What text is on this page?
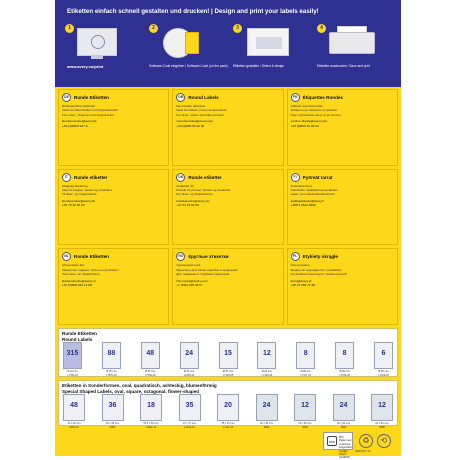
Etiketten einfach schnell gestalten und drucken! | Design and print your labels easily!
1
www.avery.eu/print
2
Software-Code eingeben / Software-Code (on the pack)
3
Etiketten gestalten / Select & design
4
Etiketten ausdrucken / Save and print
DE	Runde Etiketten

Rückstandsfrei ablösbar

Ideal zum Beschriften mit Kugelschreiber

Für Laser-, Kopierer und Inkjetdrucker

kundenservice@avery.de

+49 (0)8103 937-0

GB	Round Labels

Removable adhesive

Ideal for folders, boxes and products

For laser, copier and inkjet printers

consumercare@avery.com

+44 (0)800 80 20 80

FR	Étiquettes Rondes

Adhésif repositionnable

Idéales pour classeurs et produits

Pour imprimantes laser et jet d'encre

service.clients@avery.com

+33 (0)800 10 46 90

IT	Runde etiketter

Aftagelig klæbning

Ideel til mapper, kasser og produkter

Til laser- og inkjetprintere

kundeservice@avery.dk

+45 70 10 30 99

DK	Runde etiketter

Avtakbart lim

Perfekt for permer, bokser og produkter

For laser- og blekkskrivere

kundeservice@avery.no

+47 24 15 94 00

FI	Pyöreät tarrat

Irrotettava liima

Kansioihin, laatikoihin ja tuotteisiin

Laser- ja mustesuihkutulostimiin

asiakaspalvelu@avery.fi

+358 9 2512 0500

NL	Ronde Etiketten

Afneembare lijm

Ideaal voor mappen, dozen en producten

Voor laser- en inkjetprinters

klantenservice@avery.nl

+31 (0)800 022 12 00

RU	Круглые этикетки

Удаляемый клей

Идеально для папок, коробок и продукции

Для лазерных и струйных принтеров

info.russia@avery.com

+7 (495) 228 3474

PL	Etykiety okrągłe

Klej usuwalny

Idealne do segregatorów i produktów

Do drukarek laserowych i atramentowych

biuro@avery.pl

+48 22 669 72 48

Runde Etiketten
Round Labels
315
Ø 10 mm
L7780-25
88
Ø 30 mm
L7670-25
48
Ø 30 mm
L7780-25
24
Ø 40 mm
L6155-25
15
Ø 51 mm
L7104-25
12
Ø 60 mm
L7105-25
8
Ø 85 mm
L7107-25
8
Ø 85 mm
L7108-25
6
Ø 85 mm
L7109-25
Etiketten in Sonderformen, oval, quadratisch, achteckig, blumenförmig
Special Shaped Labels, oval, square, octagonal, flower-shaped
48
40 x 20 mm
36
35 x 35 mm
18
52,5 x 35 mm
35
37 x 37 mm
20
45 x 45 mm
24
40 x 40 mm
12
60 x 60 mm
24
40 x 40 mm
12
60 x 60 mm
FSC
MIX
Papier aus verantwor-
tungsvollen Quellen
FSC® C013818
♻	⟲
2DM 2017 V1
